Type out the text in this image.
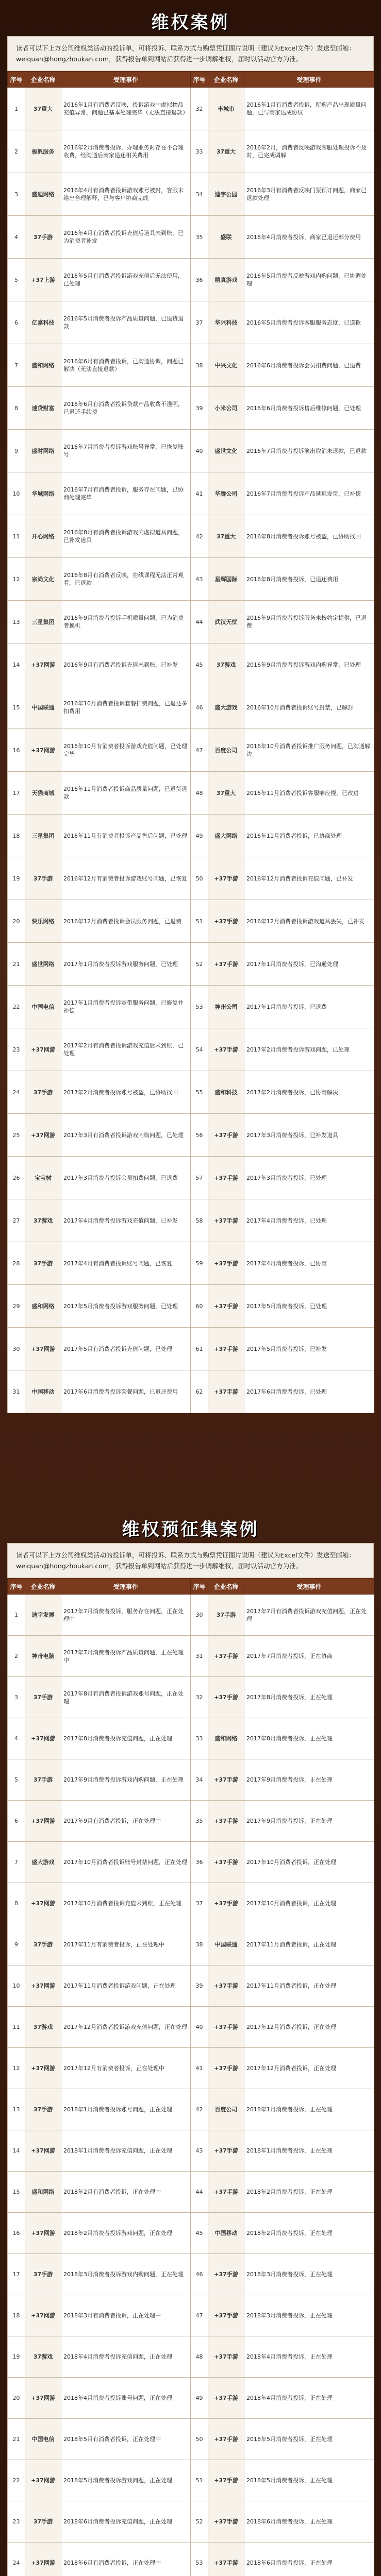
维权案例
读者可以下上方公司维权类活动的投诉单，可将投诉、联系方式与购票凭证图片说明（建议为Excel文件）发送至邮箱：weiquan@hongzhoukan.com，获得报告单到网站后获得进一步调解维权，届时以活动官方为准。
序号	企业名称	受理事件	序号	企业名称	受理事件
1	37重大	2016年1月有消费者反映，投诉游戏中虚拟物品充值异常，问题已基本处理完毕（无法直接退款）	32	丰城市	2016年1月有消费者投诉，所购产品出现质量问题，已与商家达成协议
2	极帆服务	2016年2月消费者投诉，办理业务时存在不合理收费，经沟通后商家退还相关费用	33	37重大	2016年2月，消费者反映游戏客服处理投诉不及时，已完成调解
3	盛迪网络	2016年4月有消费者投诉游戏账号被封，客服未给出合理解释，已与客户协商完成	34	迪宇公园	2016年3月有消费者反映门票预订问题，商家已退款处理
4	37手游	2016年4月有消费者投诉充值后道具未到账，已为消费者补发	35	盛联	2016年4月消费者投诉，商家已退还部分费用
5	+37上游	2016年5月有消费者投诉游戏充值后无法使用，已处理	36	精真游戏	2016年5月消费者反映游戏内购问题，已协调处理
6	亿嘉科技	2016年5月消费者投诉产品质量问题，已退货退款	37	华兴科技	2016年5月消费者投诉客服服务态度，已道歉
7	盛和网络	2016年6月有消费者投诉，已沟通协调，问题已解决（无法直接退款）	38	中兴文化	2016年6月消费者投诉会员扣费问题，已退费
8	速贷财富	2016年6月有消费者投诉贷款产品收费不透明，已退还手续费	39	小米公司	2016年6月消费者投诉售后维修问题，已处理
9	盛时网络	2016年7月消费者投诉游戏账号异常，已恢复账号	40	盛世文化	2016年7月消费者投诉演出取消未退款，已退款
10	华城网络	2016年7月有消费者投诉，服务存在问题，已协商处理完毕	41	华腾公司	2016年7月消费者投诉产品延迟发货，已补偿
11	开心网络	2016年8月有消费者投诉游戏内虚拟道具问题，已补发道具	42	37重大	2016年8月消费者投诉账号被盗，已协助找回
12	宗尚文化	2016年8月有消费者反映，在线课程无法正常观看，已退款	43	星辉国际	2016年8月消费者投诉，已退还费用
13	三星集团	2016年9月消费者投诉手机质量问题，已为消费者换机	44	武汉无忧	2016年9月消费者投诉服务未按约定提供，已退费
14	+37网游	2016年9月有消费者投诉充值未到账，已补发	45	37游戏	2016年9月消费者投诉游戏内购异常，已处理
15	中国联通	2016年10月消费者投诉套餐扣费问题，已退还多扣费用	46	盛大游戏	2016年10月消费者投诉账号封禁，已解封
16	+37网游	2016年10月有消费者投诉游戏充值问题，已处理完毕	47	百度公司	2016年10月消费者投诉推广服务问题，已沟通解决
17	天猫商城	2016年11月消费者投诉商品质量问题，已退货退款	48	37重大	2016年11月消费者投诉客服响应慢，已改进
18	三星集团	2016年11月有消费者投诉产品售后问题，已处理	49	盛大网络	2016年11月消费者投诉，已协商处理
19	37手游	2016年12月有消费者投诉游戏账号问题，已恢复	50	+37手游	2016年12月消费者投诉充值问题，已补发
20	快乐网络	2016年12月消费者投诉会员服务问题，已退费	51	+37手游	2016年12月消费者投诉游戏道具丢失，已补发
21	盛世网络	2017年1月消费者投诉游戏服务问题，已处理	52	+37手游	2017年1月消费者投诉，已沟通处理
22	中国电信	2017年1月消费者投诉宽带服务问题，已修复并补偿	53	神州公司	2017年1月消费者投诉，已退费
23	+37网游	2017年2月有消费者投诉游戏充值后未到账，已处理	54	+37手游	2017年2月消费者投诉游戏问题，已处理
24	37手游	2017年2月消费者投诉账号被盗，已协助找回	55	盛和科技	2017年2月消费者投诉，已协商解决
25	+37网游	2017年3月有消费者投诉游戏内购问题，已处理	56	+37手游	2017年3月消费者投诉，已补发道具
26	宝宝树	2017年3月消费者投诉会员扣费问题，已退费	57	+37手游	2017年3月消费者投诉，已处理
27	37游戏	2017年4月消费者投诉游戏充值问题，已补发	58	+37手游	2017年4月消费者投诉，已处理
28	37手游	2017年4月有消费者投诉账号问题，已恢复	59	+37手游	2017年4月消费者投诉，已协商
29	盛和网络	2017年5月消费者投诉游戏服务问题，已处理	60	+37手游	2017年5月消费者投诉，已处理
30	+37网游	2017年5月有消费者投诉充值问题，已处理	61	+37手游	2017年5月消费者投诉，已补发
31	中国移动	2017年6月消费者投诉套餐问题，已退还费用	62	+37手游	2017年6月消费者投诉，已处理
维权预征集案例
读者可以下上方公司维权类活动的投诉单，可将投诉、联系方式与购票凭证图片说明（建议为Excel文件）发送至邮箱：weiquan@hongzhoukan.com，获得报告单到网站后获得进一步调解维权，届时以活动官方为准。
序号	企业名称	受理事件	序号	企业名称	受理事件
1	迪宇发展	2017年7月消费者投诉，服务存在问题，正在处理中	30	37手游	2017年7月有消费者投诉游戏充值问题，正在处理
2	神舟电脑	2017年7月消费者投诉产品质量问题，正在处理中	31	+37手游	2017年7月消费者投诉，正在协商
3	37手游	2017年8月有消费者投诉游戏账号问题，正在处理	32	+37手游	2017年8月消费者投诉，正在处理
4	+37网游	2017年8月消费者投诉充值问题，正在处理	33	盛和网络	2017年8月消费者投诉，正在处理
5	37手游	2017年9月消费者投诉游戏内购问题，正在处理	34	+37手游	2017年9月消费者投诉，正在处理
6	+37网游	2017年9月有消费者投诉，正在处理中	35	+37手游	2017年9月消费者投诉，正在处理
7	盛大游戏	2017年10月消费者投诉账号封禁问题，正在处理	36	+37手游	2017年10月消费者投诉，正在处理
8	+37网游	2017年10月消费者投诉充值未到账，正在处理	37	+37手游	2017年10月消费者投诉，正在处理
9	37手游	2017年11月有消费者投诉，正在处理中	38	中国联通	2017年11月消费者投诉，正在处理
10	+37网游	2017年11月消费者投诉游戏问题，正在处理	39	+37手游	2017年11月消费者投诉，正在处理
11	37游戏	2017年12月消费者投诉游戏充值问题，正在处理	40	+37手游	2017年12月消费者投诉，正在处理
12	+37网游	2017年12月有消费者投诉，正在处理中	41	+37手游	2017年12月消费者投诉，正在处理
13	37手游	2018年1月消费者投诉账号问题，正在处理	42	百度公司	2018年1月消费者投诉，正在处理
14	+37网游	2018年1月消费者投诉充值问题，正在处理	43	+37手游	2018年1月消费者投诉，正在处理
15	盛和网络	2018年2月有消费者投诉，正在处理中	44	+37手游	2018年2月消费者投诉，正在处理
16	+37网游	2018年2月消费者投诉游戏问题，正在处理	45	中国移动	2018年2月消费者投诉，正在处理
17	37手游	2018年3月消费者投诉游戏内购问题，正在处理	46	+37手游	2018年3月消费者投诉，正在处理
18	+37网游	2018年3月有消费者投诉，正在处理中	47	+37手游	2018年3月消费者投诉，正在处理
19	37游戏	2018年4月消费者投诉充值问题，正在处理	48	+37手游	2018年4月消费者投诉，正在处理
20	+37网游	2018年4月消费者投诉账号问题，正在处理	49	+37手游	2018年4月消费者投诉，正在处理
21	中国电信	2018年5月有消费者投诉，正在处理中	50	+37手游	2018年5月消费者投诉，正在处理
22	+37网游	2018年5月消费者投诉游戏问题，正在处理	51	+37手游	2018年5月消费者投诉，正在处理
23	37手游	2018年6月消费者投诉充值问题，正在处理	52	+37手游	2018年6月消费者投诉，正在处理
24	+37网游	2018年6月有消费者投诉，正在处理中	53	+37手游	2018年6月消费者投诉，正在处理
